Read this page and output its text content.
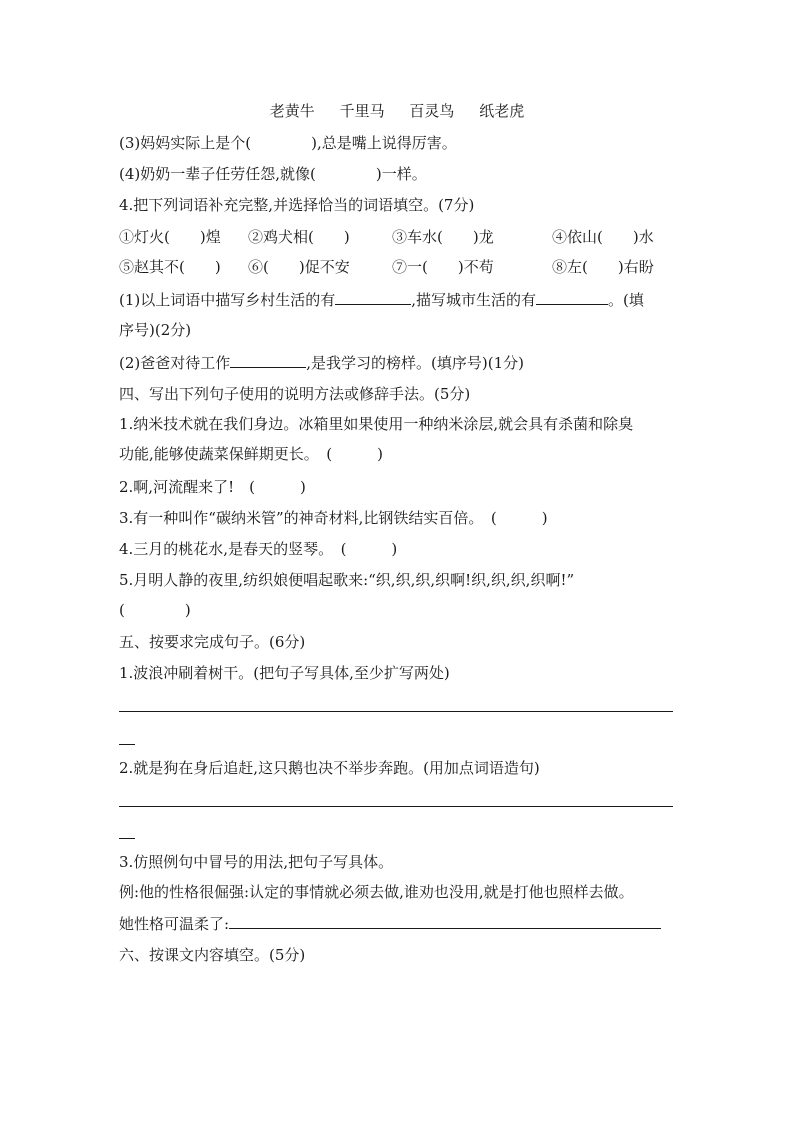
老黄牛 千里马 百灵鸟 纸老虎
(3)妈妈实际上是个(　　　　),总是嘴上说得厉害。
(4)奶奶一辈子任劳任怨,就像(　　　　)一样。
4.把下列词语补充完整,并选择恰当的词语填空。(7分)
①灯火(　　)煌 ②鸡犬相(　　)	③车水(　　)龙	④依山(　　)水
⑤赵其不(　　) ⑥(　　)促不安	⑦一(　　)不苟	⑧左(　　)右盼
(1)以上词语中描写乡村生活的有	,描写城市生活的有	。(填
序号)(2分)
(2)爸爸对待工作	,是我学习的榜样。(填序号)(1分)
四、写出下列句子使用的说明方法或修辞手法。(5分)
1.纳米技术就在我们身边。冰箱里如果使用一种纳米涂层,就会具有杀菌和除臭
功能,能够使蔬菜保鲜期更长。　(　　　)
2.啊,河流醒来了!　(　　　)
3.有一种叫作“碳纳米管”的神奇材料,比钢铁结实百倍。　(　　　)
4.三月的桃花水,是春天的竖琴。　(　　　)
5.月明人静的夜里,纺织娘便唱起歌来:“织,织,织,织啊!织,织,织,织啊!”
(　　　　)
五、按要求完成句子。(6分)
1.波浪冲刷着树干。(把句子写具体,至少扩写两处)
2.就是狗在身后追赶,这只鹅也决不举步奔跑。(用加点词语造句)
3.仿照例句中冒号的用法,把句子写具体。
例:他的性格很倔强:认定的事情就必须去做,谁劝也没用,就是打他也照样去做。
她性格可温柔了:
六、按课文内容填空。(5分)
